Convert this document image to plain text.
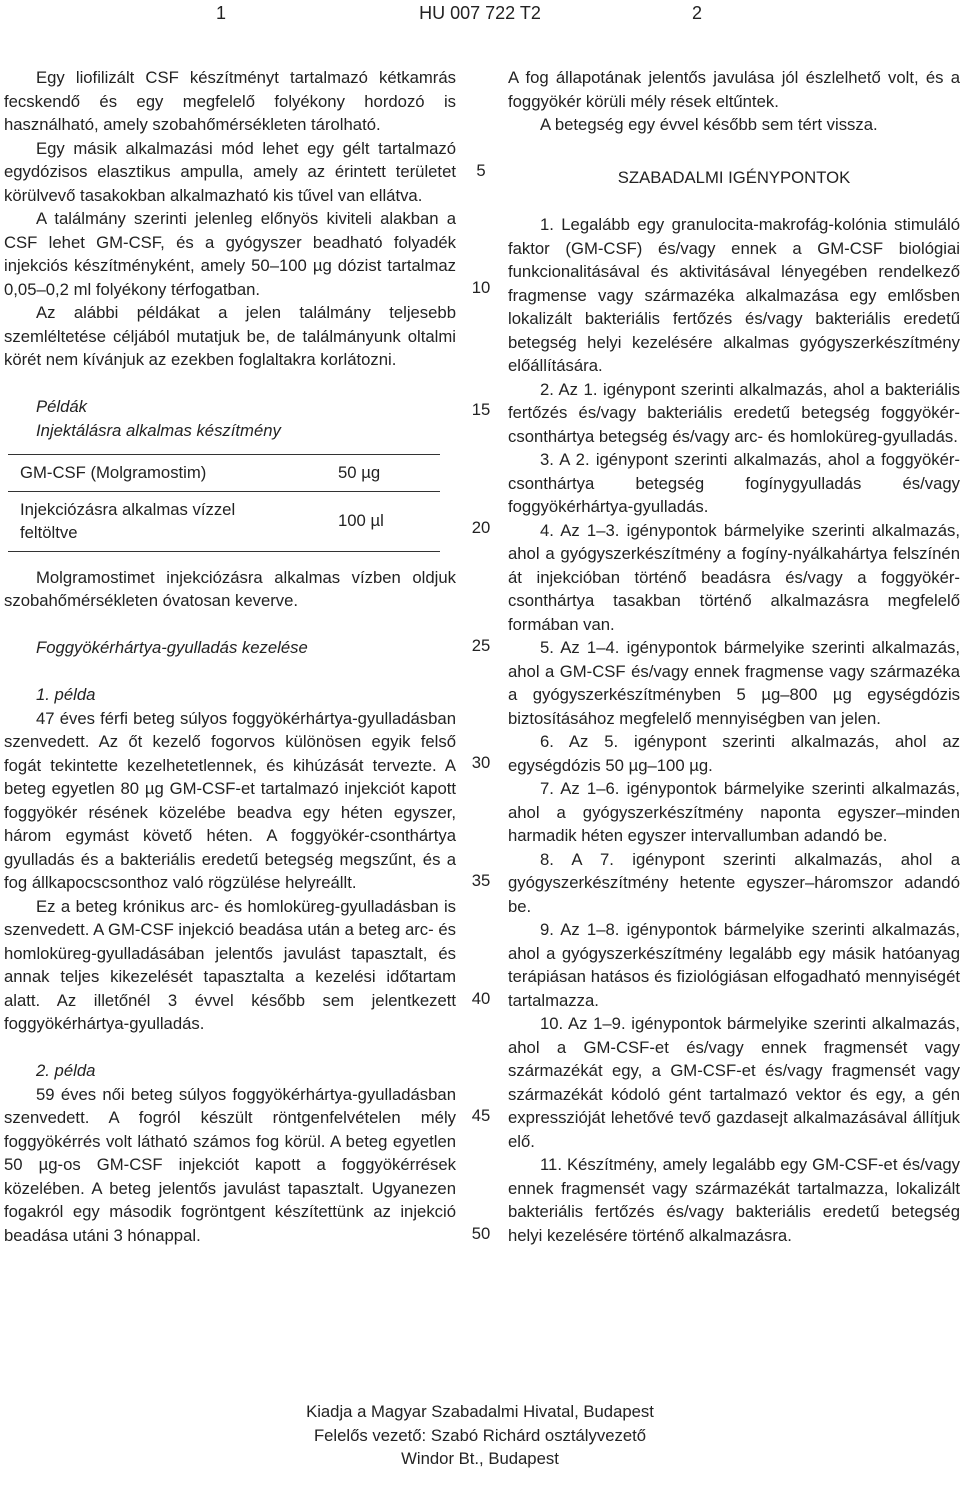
1	HU 007 722 T2	2

Egy liofilizált CSF készítményt tartalmazó kétkamrás fecskendő és egy megfelelő folyékony hordozó is használható, amely szobahőmérsékleten tárolható.

Egy másik alkalmazási mód lehet egy gélt tartalmazó egydózisos elasztikus ampulla, amely az érintett területet körülvevő tasakokban alkalmazható kis tűvel van ellátva.

A találmány szerinti jelenleg előnyös kiviteli alakban a CSF lehet GM-CSF, és a gyógyszer beadható folyadék injekciós készítményként, amely 50–100 µg dózist tartalmaz 0,05–0,2 ml folyékony térfogatban.

Az alábbi példákat a jelen találmány teljesebb szemléltetése céljából mutatjuk be, de találmányunk oltalmi körét nem kívánjuk az ezekben foglaltakra korlátozni.

Példák

Injektálásra alkalmas készítmény

GM-CSF (Molgramostim)	50 µg
Injekciózásra alkalmas vízzel feltöltve	100 µl

Molgramostimet injekciózásra alkalmas vízben oldjuk szobahőmérsékleten óvatosan keverve.

Foggyökérhártya-gyulladás kezelése

1. példa

47 éves férfi beteg súlyos foggyökérhártya-gyulladásban szenvedett. Az őt kezelő fogorvos különösen egyik felső fogát tekintette kezelhetetlennek, és kihúzását tervezte. A beteg egyetlen 80 µg GM-CSF-et tartalmazó injekciót kapott foggyökér résének közelébe beadva egy héten egyszer, három egymást követő héten. A foggyökér-csonthártya gyulladás és a bakteriális eredetű betegség megszűnt, és a fog állkapocscsonthoz való rögzülése helyreállt.

Ez a beteg krónikus arc- és homloküreg-gyulladásban is szenvedett. A GM-CSF injekció beadása után a beteg arc- és homloküreg-gyulladásában jelentős javulást tapasztalt, és annak teljes kikezelését tapasztalta a kezelési időtartam alatt. Az illetőnél 3 évvel később sem jelentkezett foggyökérhártya-gyulladás.

2. példa

59 éves női beteg súlyos foggyökérhártya-gyulladásban szenvedett. A fogról készült röntgenfelvételen mély foggyökérrés volt látható számos fog körül. A beteg egyetlen 50 µg-os GM-CSF injekciót kapott a foggyökérrések közelében. A beteg jelentős javulást tapasztalt. Ugyanezen fogakról egy második fogröntgent készítettünk az injekció beadása utáni 3 hónappal.

5
10
15
20
25
30
35
40
45
50

A fog állapotának jelentős javulása jól észlelhető volt, és a foggyökér körüli mély rések eltűntek.

A betegség egy évvel később sem tért vissza.

SZABADALMI IGÉNYPONTOK

1. Legalább egy granulocita-makrofág-kolónia stimuláló faktor (GM-CSF) és/vagy ennek a GM-CSF biológiai funkcionalitásával és aktivitásával lényegében rendelkező fragmense vagy származéka alkalmazása egy emlősben lokalizált bakteriális fertőzés és/vagy bakteriális eredetű betegség helyi kezelésére alkalmas gyógyszerkészítmény előállítására.

2. Az 1. igénypont szerinti alkalmazás, ahol a bakteriális fertőzés és/vagy bakteriális eredetű betegség foggyökér-csonthártya betegség és/vagy arc- és homloküreg-gyulladás.

3. A 2. igénypont szerinti alkalmazás, ahol a foggyökér-csonthártya betegség fogínygyulladás és/vagy foggyökérhártya-gyulladás.

4. Az 1–3. igénypontok bármelyike szerinti alkalmazás, ahol a gyógyszerkészítmény a fogíny-nyálkahártya felszínén át injekcióban történő beadásra és/vagy a foggyökér-csonthártya tasakban történő alkalmazásra megfelelő formában van.

5. Az 1–4. igénypontok bármelyike szerinti alkalmazás, ahol a GM-CSF és/vagy ennek fragmense vagy származéka a gyógyszerkészítményben 5 µg–800 µg egységdózis biztosításához megfelelő mennyiségben van jelen.

6. Az 5. igénypont szerinti alkalmazás, ahol az egységdózis 50 µg–100 µg.

7. Az 1–6. igénypontok bármelyike szerinti alkalmazás, ahol a gyógyszerkészítmény naponta egyszer–minden harmadik héten egyszer intervallumban adandó be.

8. A 7. igénypont szerinti alkalmazás, ahol a gyógyszerkészítmény hetente egyszer–háromszor adandó be.

9. Az 1–8. igénypontok bármelyike szerinti alkalmazás, ahol a gyógyszerkészítmény legalább egy másik hatóanyag terápiásan hatásos és fiziológiásan elfogadható mennyiségét tartalmazza.

10. Az 1–9. igénypontok bármelyike szerinti alkalmazás, ahol a GM-CSF-et és/vagy ennek fragmensét vagy származékát egy, a GM-CSF-et és/vagy fragmensét vagy származékát kódoló gént tartalmazó vektor és egy, a gén expresszióját lehetővé tevő gazdasejt alkalmazásával állítjuk elő.

11. Készítmény, amely legalább egy GM-CSF-et és/vagy ennek fragmensét vagy származékát tartalmazza, lokalizált bakteriális fertőzés és/vagy bakteriális eredetű betegség helyi kezelésére történő alkalmazásra.

Kiadja a Magyar Szabadalmi Hivatal, Budapest
Felelős vezető: Szabó Richárd osztályvezető
Windor Bt., Budapest
